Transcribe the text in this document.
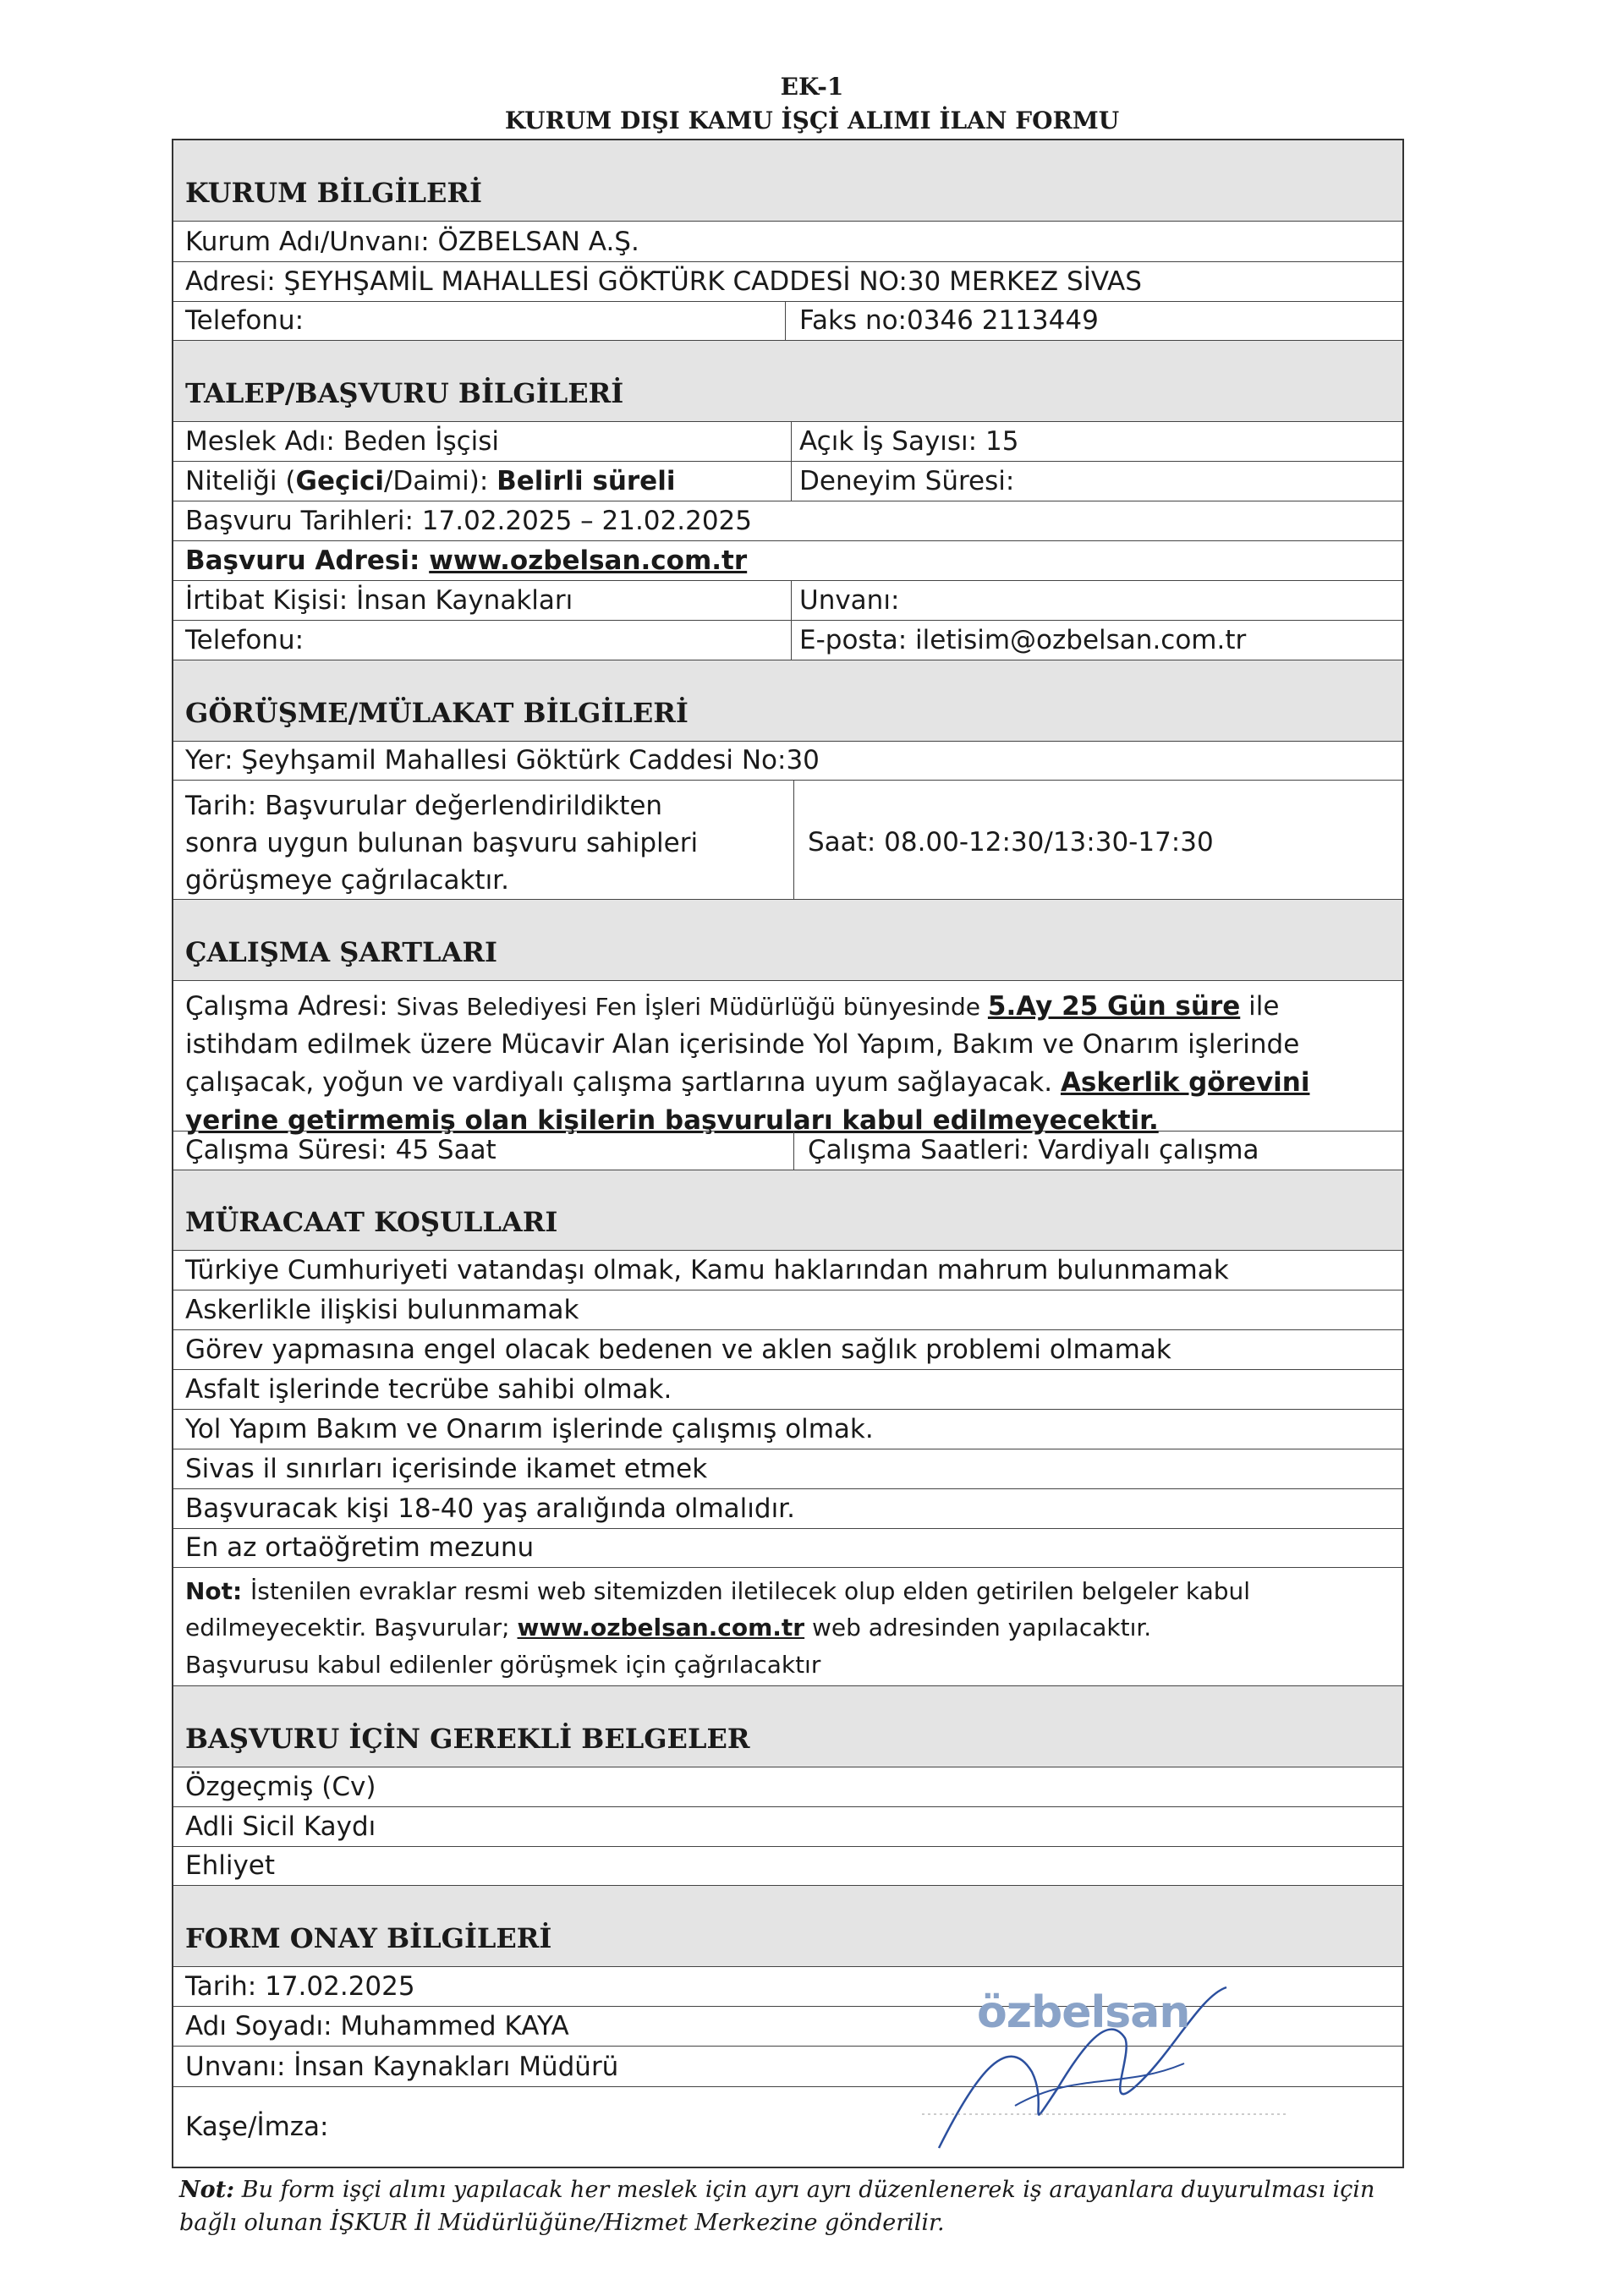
EK-1
KURUM DIŞI KAMU İŞÇİ ALIMI İLAN FORMU
KURUM BİLGİLERİ
Kurum Adı/Unvanı: ÖZBELSAN A.Ş.
Adresi: ŞEYHŞAMİL MAHALLESİ GÖKTÜRK CADDESİ NO:30 MERKEZ SİVAS
Telefonu:	Faks no:0346 2113449
TALEP/BAŞVURU BİLGİLERİ
Meslek Adı: Beden İşçisi	Açık İş Sayısı: 15
Niteliği (Geçici/Daimi): Belirli süreli	Deneyim Süresi:
Başvuru Tarihleri: 17.02.2025 – 21.02.2025
Başvuru Adresi: www.ozbelsan.com.tr
İrtibat Kişisi: İnsan Kaynakları	Unvanı:
Telefonu:	E-posta: iletisim@ozbelsan.com.tr
GÖRÜŞME/MÜLAKAT BİLGİLERİ
Yer: Şeyhşamil Mahallesi Göktürk Caddesi No:30
Tarih: Başvurular değerlendirildikten
sonra uygun bulunan başvuru sahipleri
görüşmeye çağrılacaktır.
Saat: 08.00-12:30/13:30-17:30
ÇALIŞMA ŞARTLARI
Çalışma Adresi: Sivas Belediyesi Fen İşleri Müdürlüğü bünyesinde 5.Ay 25 Gün süre ile istihdam edilmek üzere Mücavir Alan içerisinde Yol Yapım, Bakım ve Onarım işlerinde çalışacak, yoğun ve vardiyalı çalışma şartlarına uyum sağlayacak. Askerlik görevini yerine getirmemiş olan kişilerin başvuruları kabul edilmeyecektir.
Çalışma Süresi: 45 Saat	Çalışma Saatleri: Vardiyalı çalışma
MÜRACAAT KOŞULLARI
Türkiye Cumhuriyeti vatandaşı olmak, Kamu haklarından mahrum bulunmamak
Askerlikle ilişkisi bulunmamak
Görev yapmasına engel olacak bedenen ve aklen sağlık problemi olmamak
Asfalt işlerinde tecrübe sahibi olmak.
Yol Yapım Bakım ve Onarım işlerinde çalışmış olmak.
Sivas il sınırları içerisinde ikamet etmek
Başvuracak kişi 18-40 yaş aralığında olmalıdır.
En az ortaöğretim mezunu
Not: İstenilen evraklar resmi web sitemizden iletilecek olup elden getirilen belgeler kabul edilmeyecektir. Başvurular; www.ozbelsan.com.tr web adresinden yapılacaktır.
Başvurusu kabul edilenler görüşmek için çağrılacaktır
BAŞVURU İÇİN GEREKLİ BELGELER
Özgeçmiş (Cv)
Adli Sicil Kaydı
Ehliyet
FORM ONAY BİLGİLERİ
Tarih: 17.02.2025
Adı Soyadı: Muhammed KAYA
Unvanı: İnsan Kaynakları Müdürü
Kaşe/İmza:
özbelsan
Not: Bu form işçi alımı yapılacak her meslek için ayrı ayrı düzenlenerek iş arayanlara duyurulması için bağlı olunan İŞKUR İl Müdürlüğüne/Hizmet Merkezine gönderilir.
